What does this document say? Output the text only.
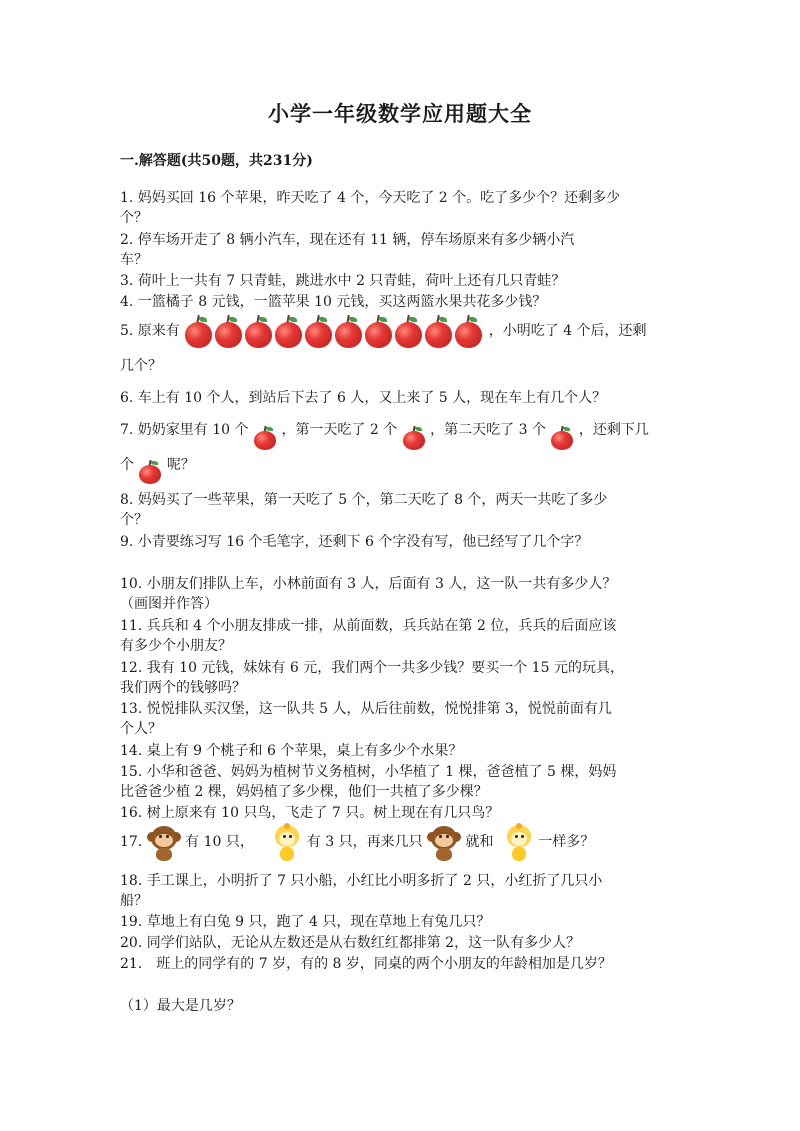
小学一年级数学应用题大全
一.解答题(共50题，共231分)
1. 妈妈买回 16 个苹果，昨天吃了 4 个，今天吃了 2 个。吃了多少个？还剩多少
个？
2. 停车场开走了 8 辆小汽车，现在还有 11 辆，停车场原来有多少辆小汽
车？
3. 荷叶上一共有 7 只青蛙，跳进水中 2 只青蛙，荷叶上还有几只青蛙？
4. 一篮橘子 8 元钱，一篮苹果 10 元钱，买这两篮水果共花多少钱？
5. 原来有	，小明吃了 4 个后，还剩
几个？
6. 车上有 10 个人，到站后下去了 6 人，又上来了 5 人，现在车上有几个人？
7. 奶奶家里有 10 个 ，第一天吃了 2 个 ，第二天吃了 3 个 ，还剩下几
个 呢？
8. 妈妈买了一些苹果，第一天吃了 5 个，第二天吃了 8 个，两天一共吃了多少
个？
9. 小青要练习写 16 个毛笔字，还剩下 6 个字没有写，他已经写了几个字？
10. 小朋友们排队上车，小林前面有 3 人，后面有 3 人，这一队一共有多少人？
（画图并作答）
11. 兵兵和 4 个小朋友排成一排，从前面数，兵兵站在第 2 位，兵兵的后面应该
有多少个小朋友？
12. 我有 10 元钱，妹妹有 6 元，我们两个一共多少钱？要买一个 15 元的玩具，
我们两个的钱够吗？
13. 悦悦排队买汉堡，这一队共 5 人，从后往前数，悦悦排第 3，悦悦前面有几
个人？
14. 桌上有 9 个桃子和 6 个苹果，桌上有多少个水果？
15. 小华和爸爸、妈妈为植树节义务植树，小华植了 1 棵，爸爸植了 5 棵，妈妈
比爸爸少植 2 棵，妈妈植了多少棵，他们一共植了多少棵？
16. 树上原来有 10 只鸟，飞走了 7 只。树上现在有几只鸟？
17.	有 10 只，	有 3 只，再来几只	就和	一样多？
18. 手工课上，小明折了 7 只小船，小红比小明多折了 2 只，小红折了几只小
船？
19. 草地上有白兔 9 只，跑了 4 只，现在草地上有兔几只？
20. 同学们站队，无论从左数还是从右数红红都排第 2，这一队有多少人？
21.　班上的同学有的 7 岁，有的 8 岁，同桌的两个小朋友的年龄相加是几岁？
（1）最大是几岁？
